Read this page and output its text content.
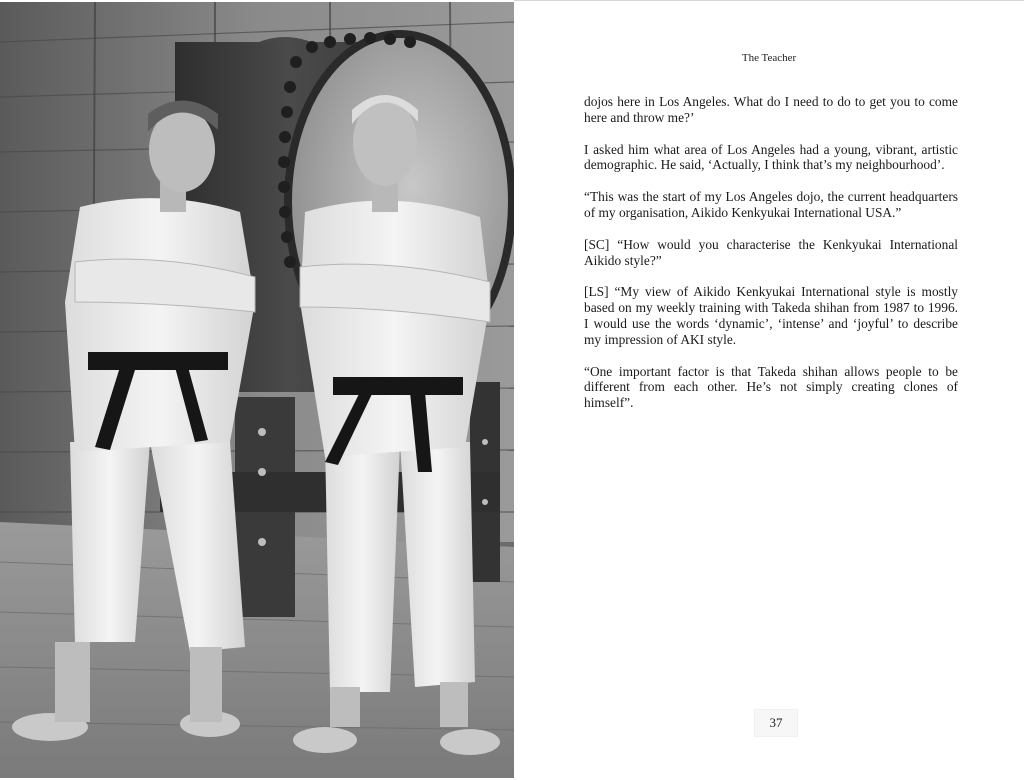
The Teacher

dojos here in Los Angeles. What do I need to do to get you to come here and throw me?’

I asked him what area of Los Angeles had a young, vibrant, artistic demographic. He said, ‘Actually, I think that’s my neighbourhood’.

“This was the start of my Los Angeles dojo, the current headquarters of my organisation, Aikido Kenkyukai International USA.”

[SC] “How would you characterise the Kenkyukai International Aikido style?”

[LS] “My view of Aikido Kenkyukai International style is mostly based on my weekly training with Takeda shihan from 1987 to 1996. I would use the words ‘dynamic’, ‘intense’ and ‘joyful’ to describe my impression of AKI style.

“One important factor is that Takeda shihan allows people to be different from each other. He’s not simply creating clones of himself”.

37
